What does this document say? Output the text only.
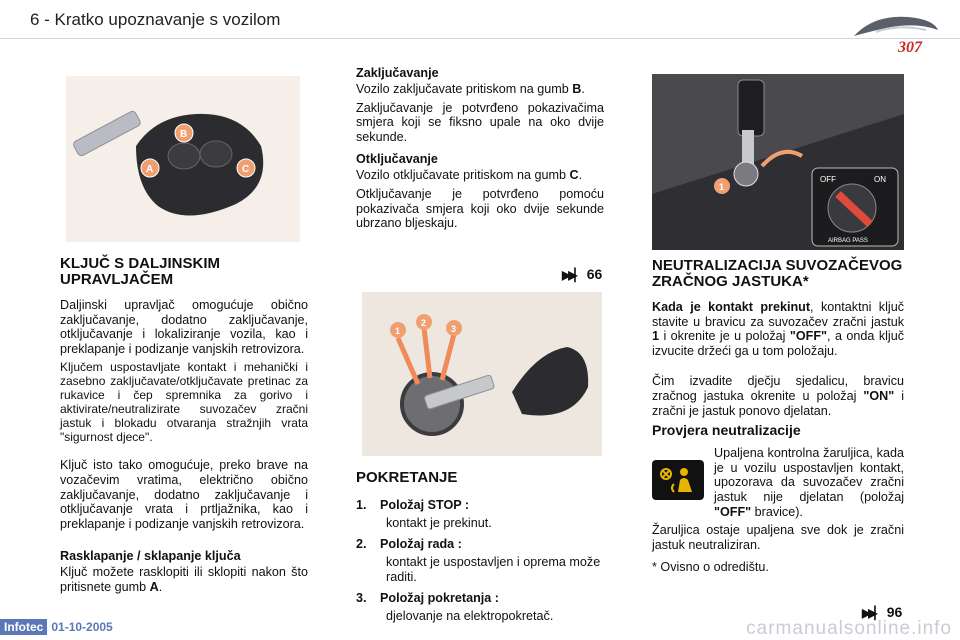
6 - Kratko upoznavanje s vozilom
307
B
A	C
KLJUČ S DALJINSKIM UPRAVLJAČEM

Daljinski upravljač omogućuje obično zaključavanje, dodatno zaključavanje, otključavanje i lokaliziranje vozila, kao i preklapanje i podizanje vanjskih retrovizora.

Ključem uspostavljate kontakt i mehanički i zasebno zaključavate/otključavate pretinac za rukavice i čep spremnika za gorivo i aktivirate/neutralizirate suvozačev zračni jastuk i blokadu otvaranja stražnjih vrata "sigurnost djece".

Ključ isto tako omogućuje, preko brave na vozačevim vratima, električno obično zaključavanje, dodatno zaključavanje i otključavanje vrata i prtljažnika, kao i preklapanje i podizanje vanjskih retrovizora.

Rasklapanje / sklapanje ključa

Ključ možete rasklopiti ili sklopiti nakon što pritisnete gumb A.

Zaključavanje

Vozilo zaključavate pritiskom na gumb B.

Zaključavanje je potvrđeno pokazivačima smjera koji se fiksno upale na oko dvije sekunde.

Otključavanje

Vozilo otključavate pritiskom na gumb C.

Otključavanje je potvrđeno pomoću pokazivača smjera koji oko dvije sekunde ubrzano bljeskaju.

▶▶▏ 66
1
2
3
POKRETANJE
1. Položaj STOP :
kontakt je prekinut.
2. Položaj rada :
kontakt je uspostavljen i oprema može raditi.
3. Položaj pokretanja :
djelovanje na elektropokretač.
1
OFF	ON
AIRBAG PASS
NEUTRALIZACIJA SUVOZAČEVOG ZRAČNOG JASTUKA*

Kada je kontakt prekinut, kontaktni ključ stavite u bravicu za suvozačev zračni jastuk 1 i okrenite je u položaj "OFF", a onda ključ izvucite držeći ga u tom položaju.

Čim izvadite dječju sjedalicu, bravicu zračnog jastuka okrenite u položaj "ON" i zračni je jastuk ponovo djelatan.

Provjera neutralizacije

Upaljena kontrolna žarulјica, kada je u vozilu uspostavljen kontakt, upozorava da suvozačev zračni jastuk nije djelatan (položaj "OFF" bravice).

Žaruljica ostaje upaljena sve dok je zračni jastuk neutraliziran.

* Ovisno o odredištu.

▶▶▏ 96
Infotec 01-10-2005	carmanualsonline.info
